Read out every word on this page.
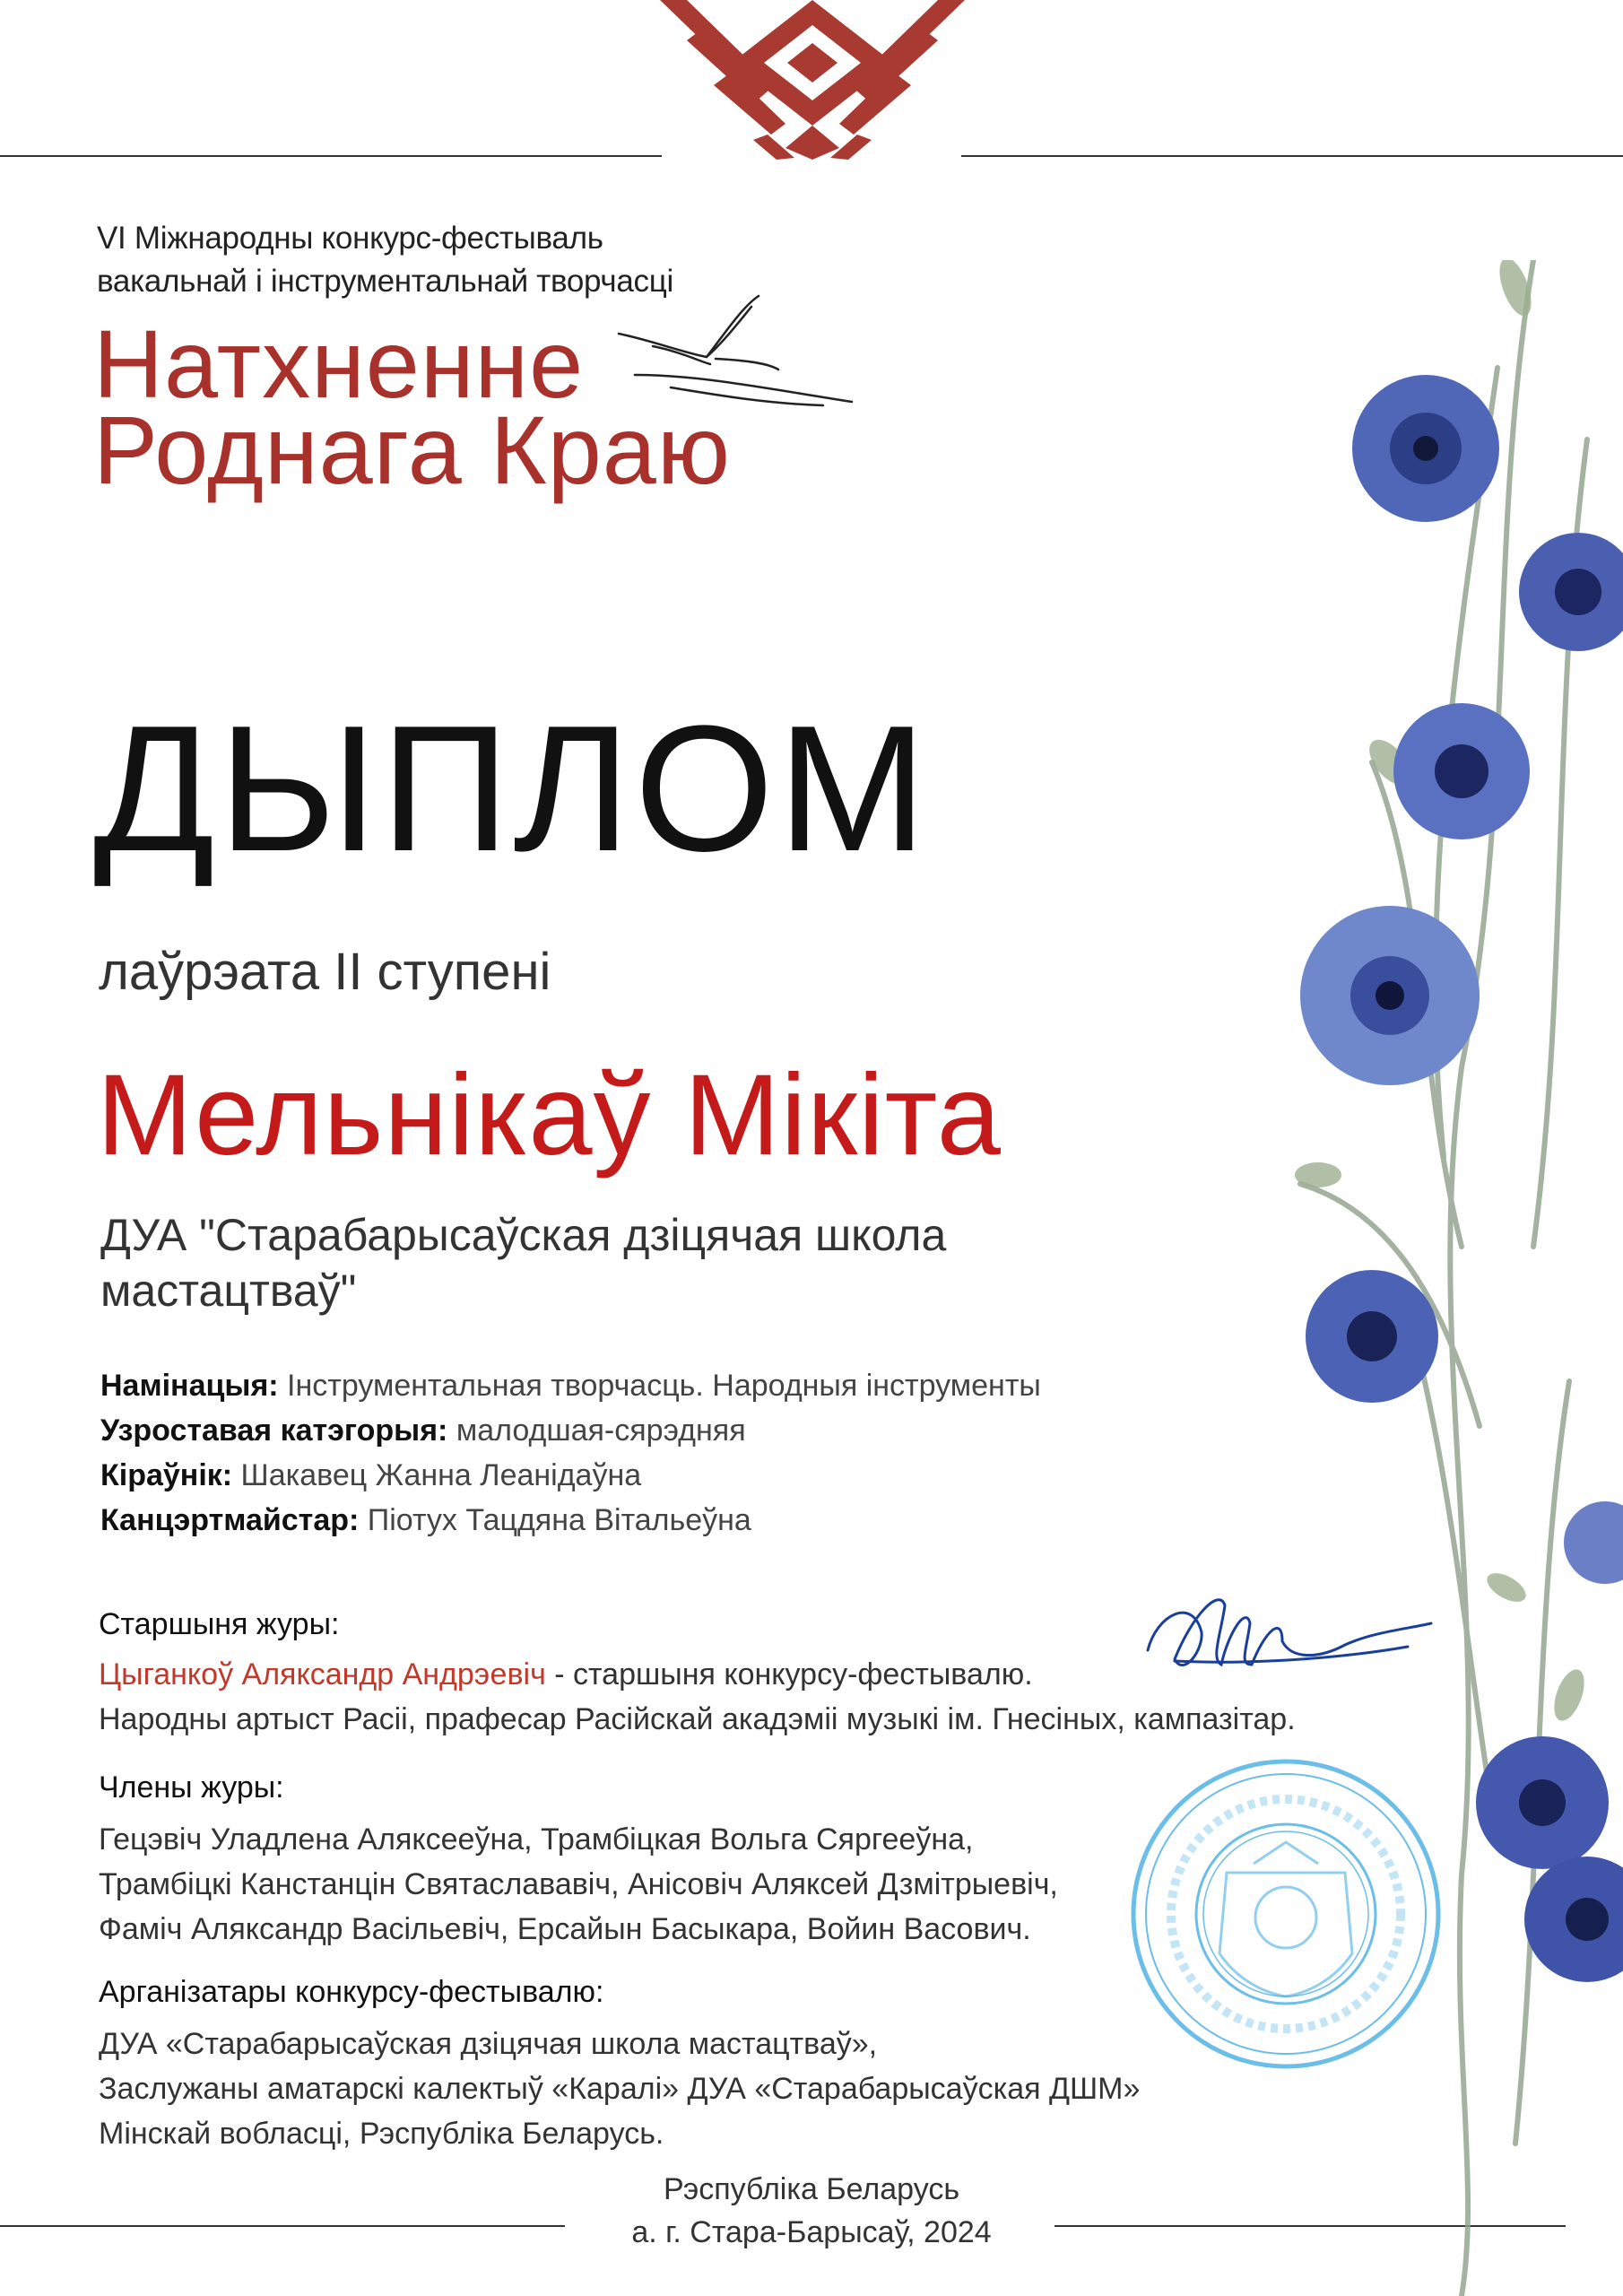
VI Міжнародны конкурс-фестываль
вакальнай і інструментальнай творчасці
Натхненне
Роднага Краю
ДЫПЛОМ
лаўрэата II ступені
Мельнікаў Мікіта
ДУА "Старабарысаўская дзіцячая школа мастацтваў"
Намінацыя: Інструментальная творчасць. Народныя інструменты
Узроставая катэгорыя: малодшая-сярэдняя
Кіраўнік: Шакавец Жанна Леанідаўна
Канцэртмайстар: Піотух Тацдяна Вітальеўна
Старшыня журы:
Цыганкоў Аляксандр Андрэевіч - старшыня конкурсу-фестывалю.
Народны артыст Расіі, прафесар Расійскай акадэміі музыкі ім. Гнесіных, кампазітар.
Члены журы:
Гецэвіч Уладлена Аляксееўна, Трамбіцкая Вольга Сяргееўна,
Трамбіцкі Канстанцін Святаслававіч, Анісовіч Аляксей Дзмітрыевіч,
Фаміч Аляксандр Васільевіч, Ерсайын Басыкара, Войин Васович.
Арганізатары конкурсу-фестывалю:
ДУА «Старабарысаўская дзіцячая школа мастацтваў»,
Заслужаны аматарскі калектыў «Каралі» ДУА «Старабарысаўская ДШМ»
Мінскай вобласці, Рэспубліка Беларусь.
Рэспубліка Беларусь
а. г. Стара-Барысаў, 2024
